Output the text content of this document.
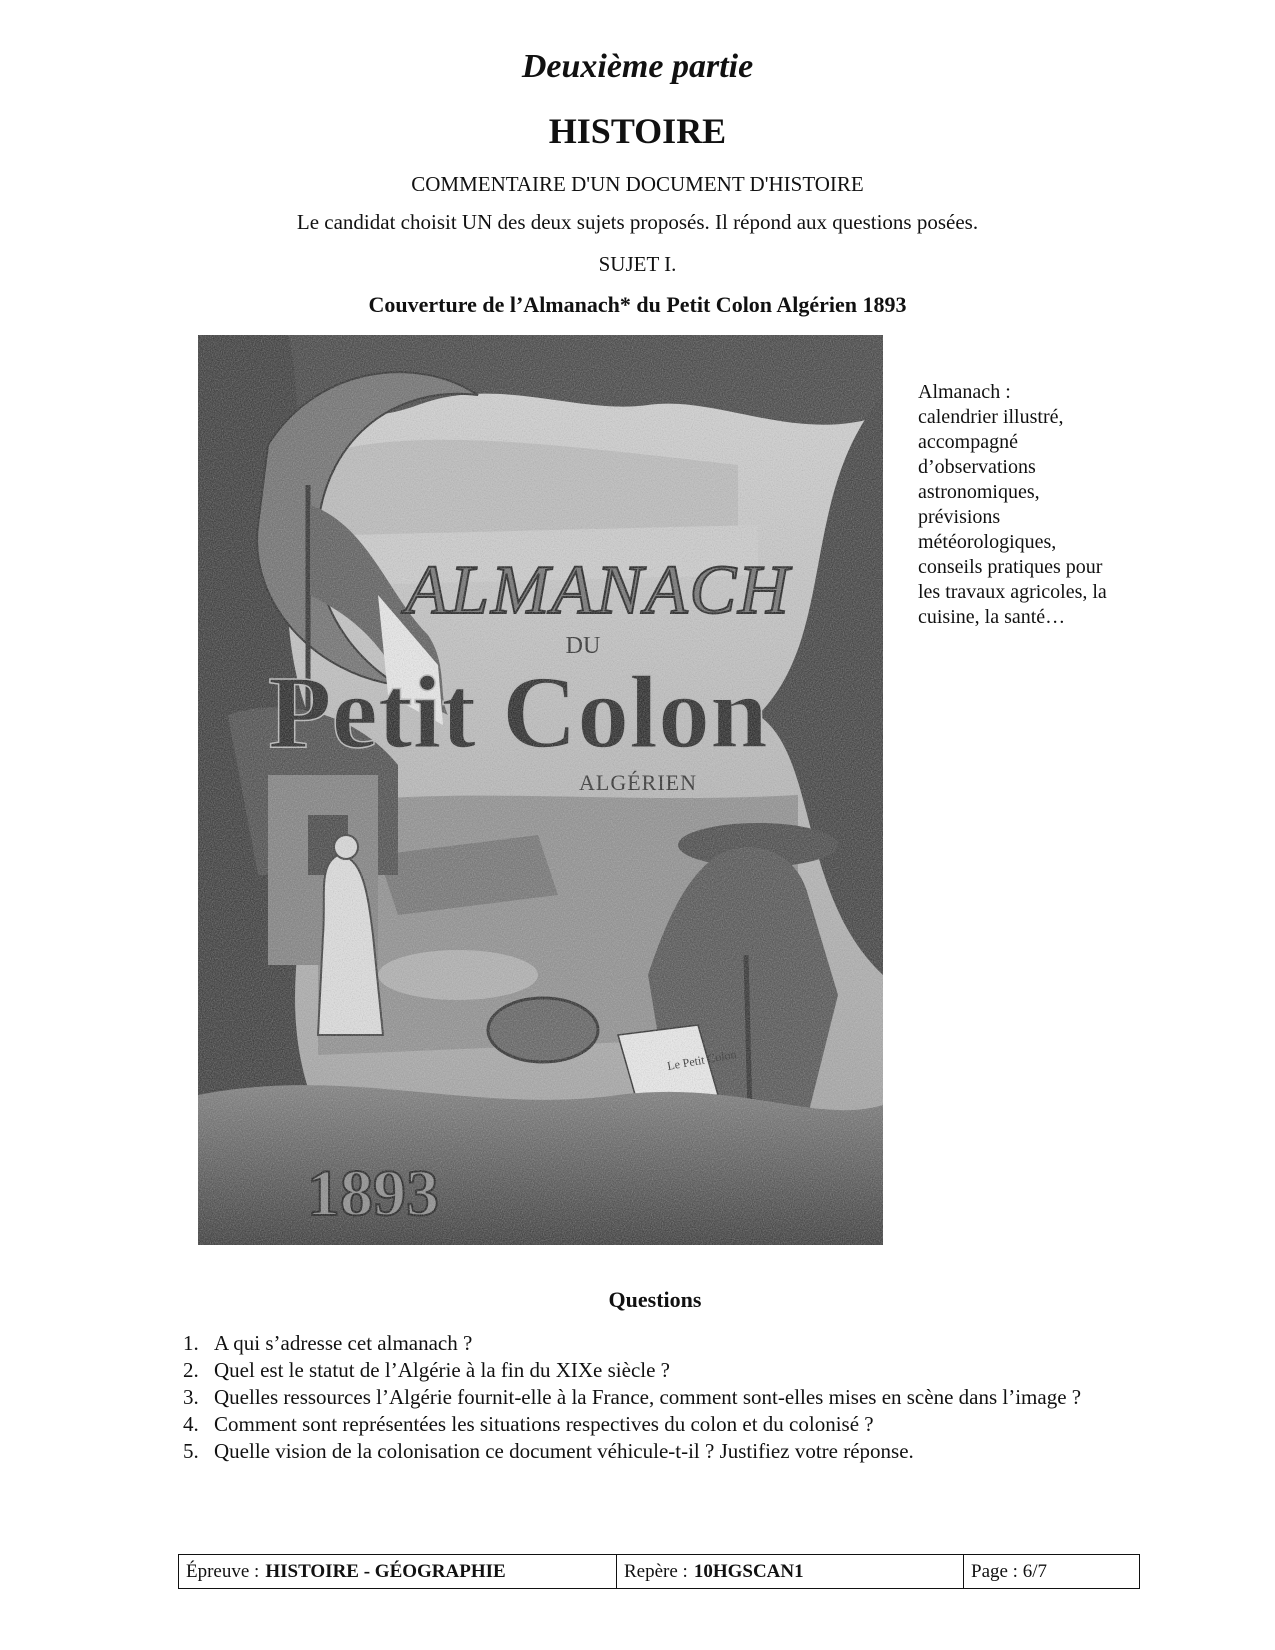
Deuxième partie
HISTOIRE
COMMENTAIRE D'UN DOCUMENT D'HISTOIRE
Le candidat choisit UN des deux sujets proposés. Il répond aux questions posées.
SUJET I.
Couverture de l’Almanach* du Petit Colon Algérien 1893
Almanach :
calendrier illustré, accompagné d’observations astronomiques, prévisions météorologiques, conseils pratiques pour les travaux agricoles, la cuisine, la santé…
Questions
1. A qui s’adresse cet almanach ?
2. Quel est le statut de l’Algérie à la fin du XIXe siècle ?
3. Quelles ressources l’Algérie fournit-elle à la France, comment sont-elles mises en scène dans l’image ?
4. Comment sont représentées les situations respectives du colon et du colonisé ?
5. Quelle vision de la colonisation ce document véhicule-t-il ? Justifiez votre réponse.
Épreuve : HISTOIRE - GÉOGRAPHIE	Repère : 10HGSCAN1	Page : 6/7
